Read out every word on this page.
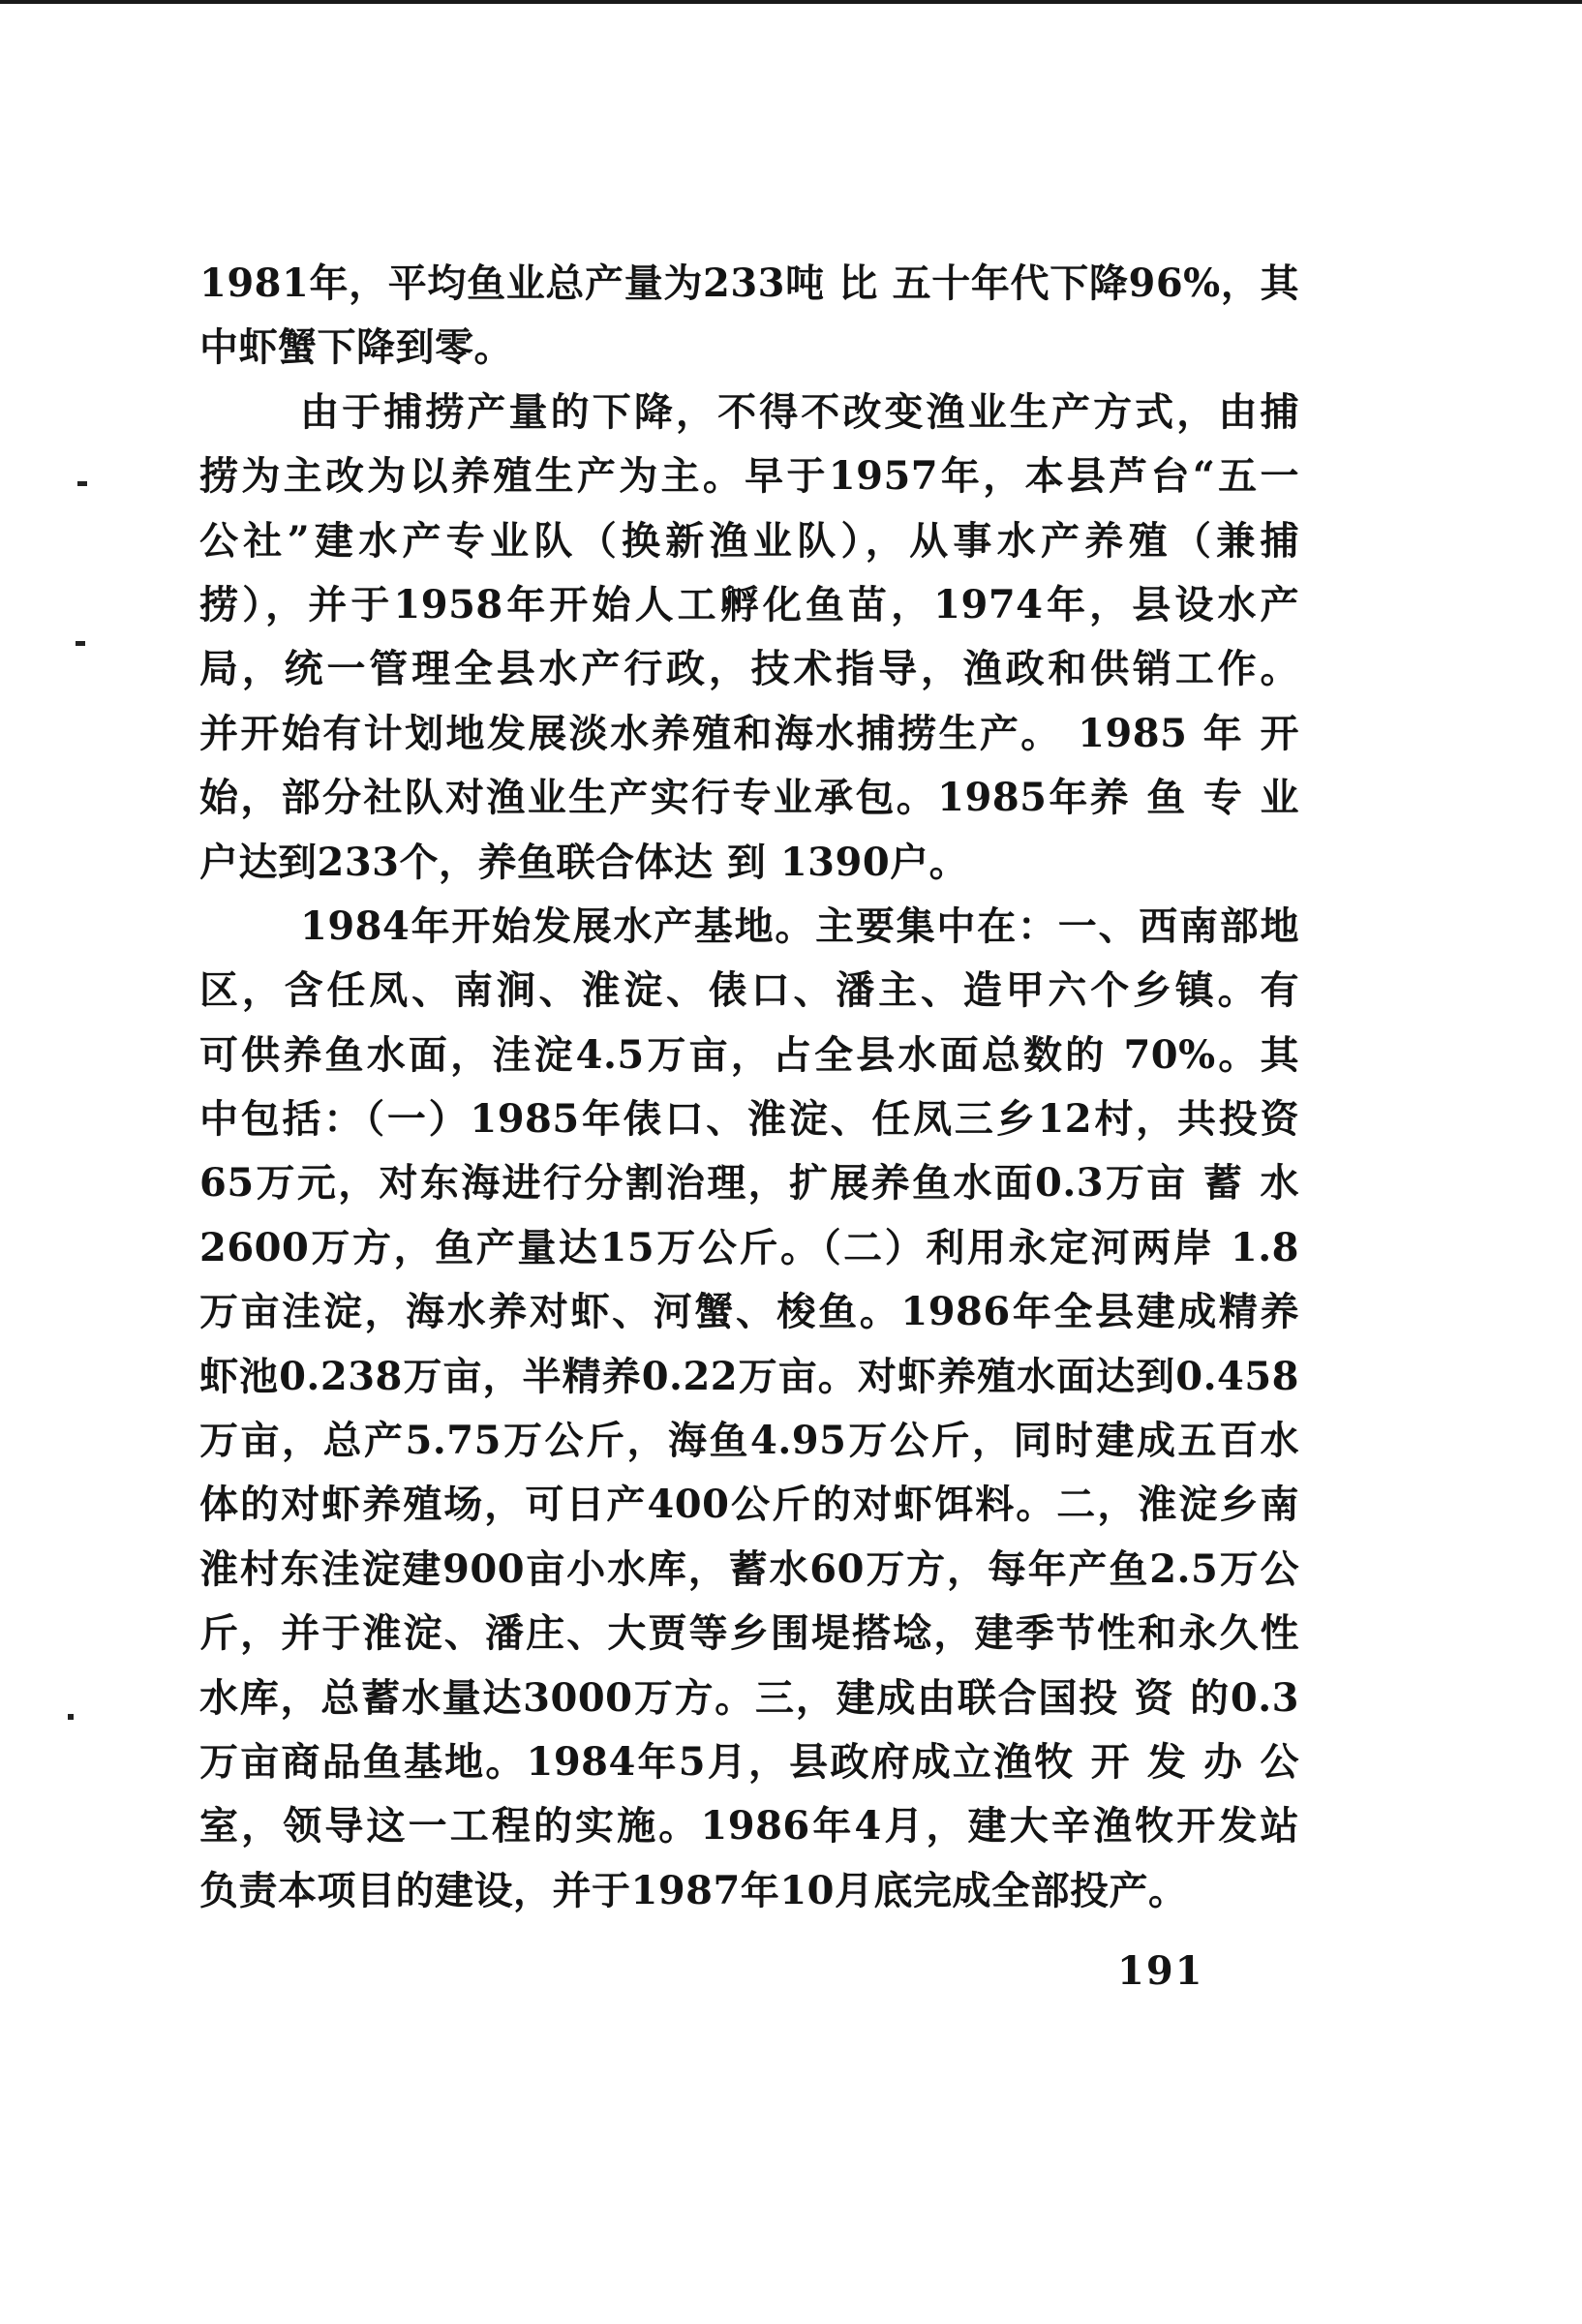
1981年，平均鱼业总产量为233吨 比 五十年代下降96%，其
中虾蟹下降到零。
由于捕捞产量的下降，不得不改变渔业生产方式，由捕
捞为主改为以养殖生产为主。早于1957年，本县芦台“五一
公社”建水产专业队（换新渔业队），从事水产养殖（兼捕
捞），并于1958年开始人工孵化鱼苗，1974年，县设水产
局，统一管理全县水产行政，技术指导，渔政和供销工作。
并开始有计划地发展淡水养殖和海水捕捞生产。 1985 年 开
始，部分社队对渔业生产实行专业承包。1985年养 鱼 专 业
户达到233个，养鱼联合体达 到 1390户。
1984年开始发展水产基地。主要集中在：一、西南部地
区，含任凤、南涧、淮淀、俵口、潘主、造甲六个乡镇。有
可供养鱼水面，洼淀4.5万亩，占全县水面总数的 70%。其
中包括：（一）1985年俵口、淮淀、任凤三乡12村，共投资
65万元，对东海进行分割治理，扩展养鱼水面0.3万亩 蓄 水
2600万方，鱼产量达15万公斤。（二）利用永定河两岸 1.8
万亩洼淀，海水养对虾、河蟹、梭鱼。1986年全县建成精养
虾池0.238万亩，半精养0.22万亩。对虾养殖水面达到0.458
万亩，总产5.75万公斤，海鱼4.95万公斤，同时建成五百水
体的对虾养殖场，可日产400公斤的对虾饵料。二，淮淀乡南
淮村东洼淀建900亩小水库，蓄水60万方，每年产鱼2.5万公
斤，并于淮淀、潘庄、大贾等乡围堤搭埝，建季节性和永久性
水库，总蓄水量达3000万方。三，建成由联合国投 资 的0.3
万亩商品鱼基地。1984年5月，县政府成立渔牧 开 发 办 公
室，领导这一工程的实施。1986年4月，建大辛渔牧开发站
负责本项目的建设，并于1987年10月底完成全部投产。
191
